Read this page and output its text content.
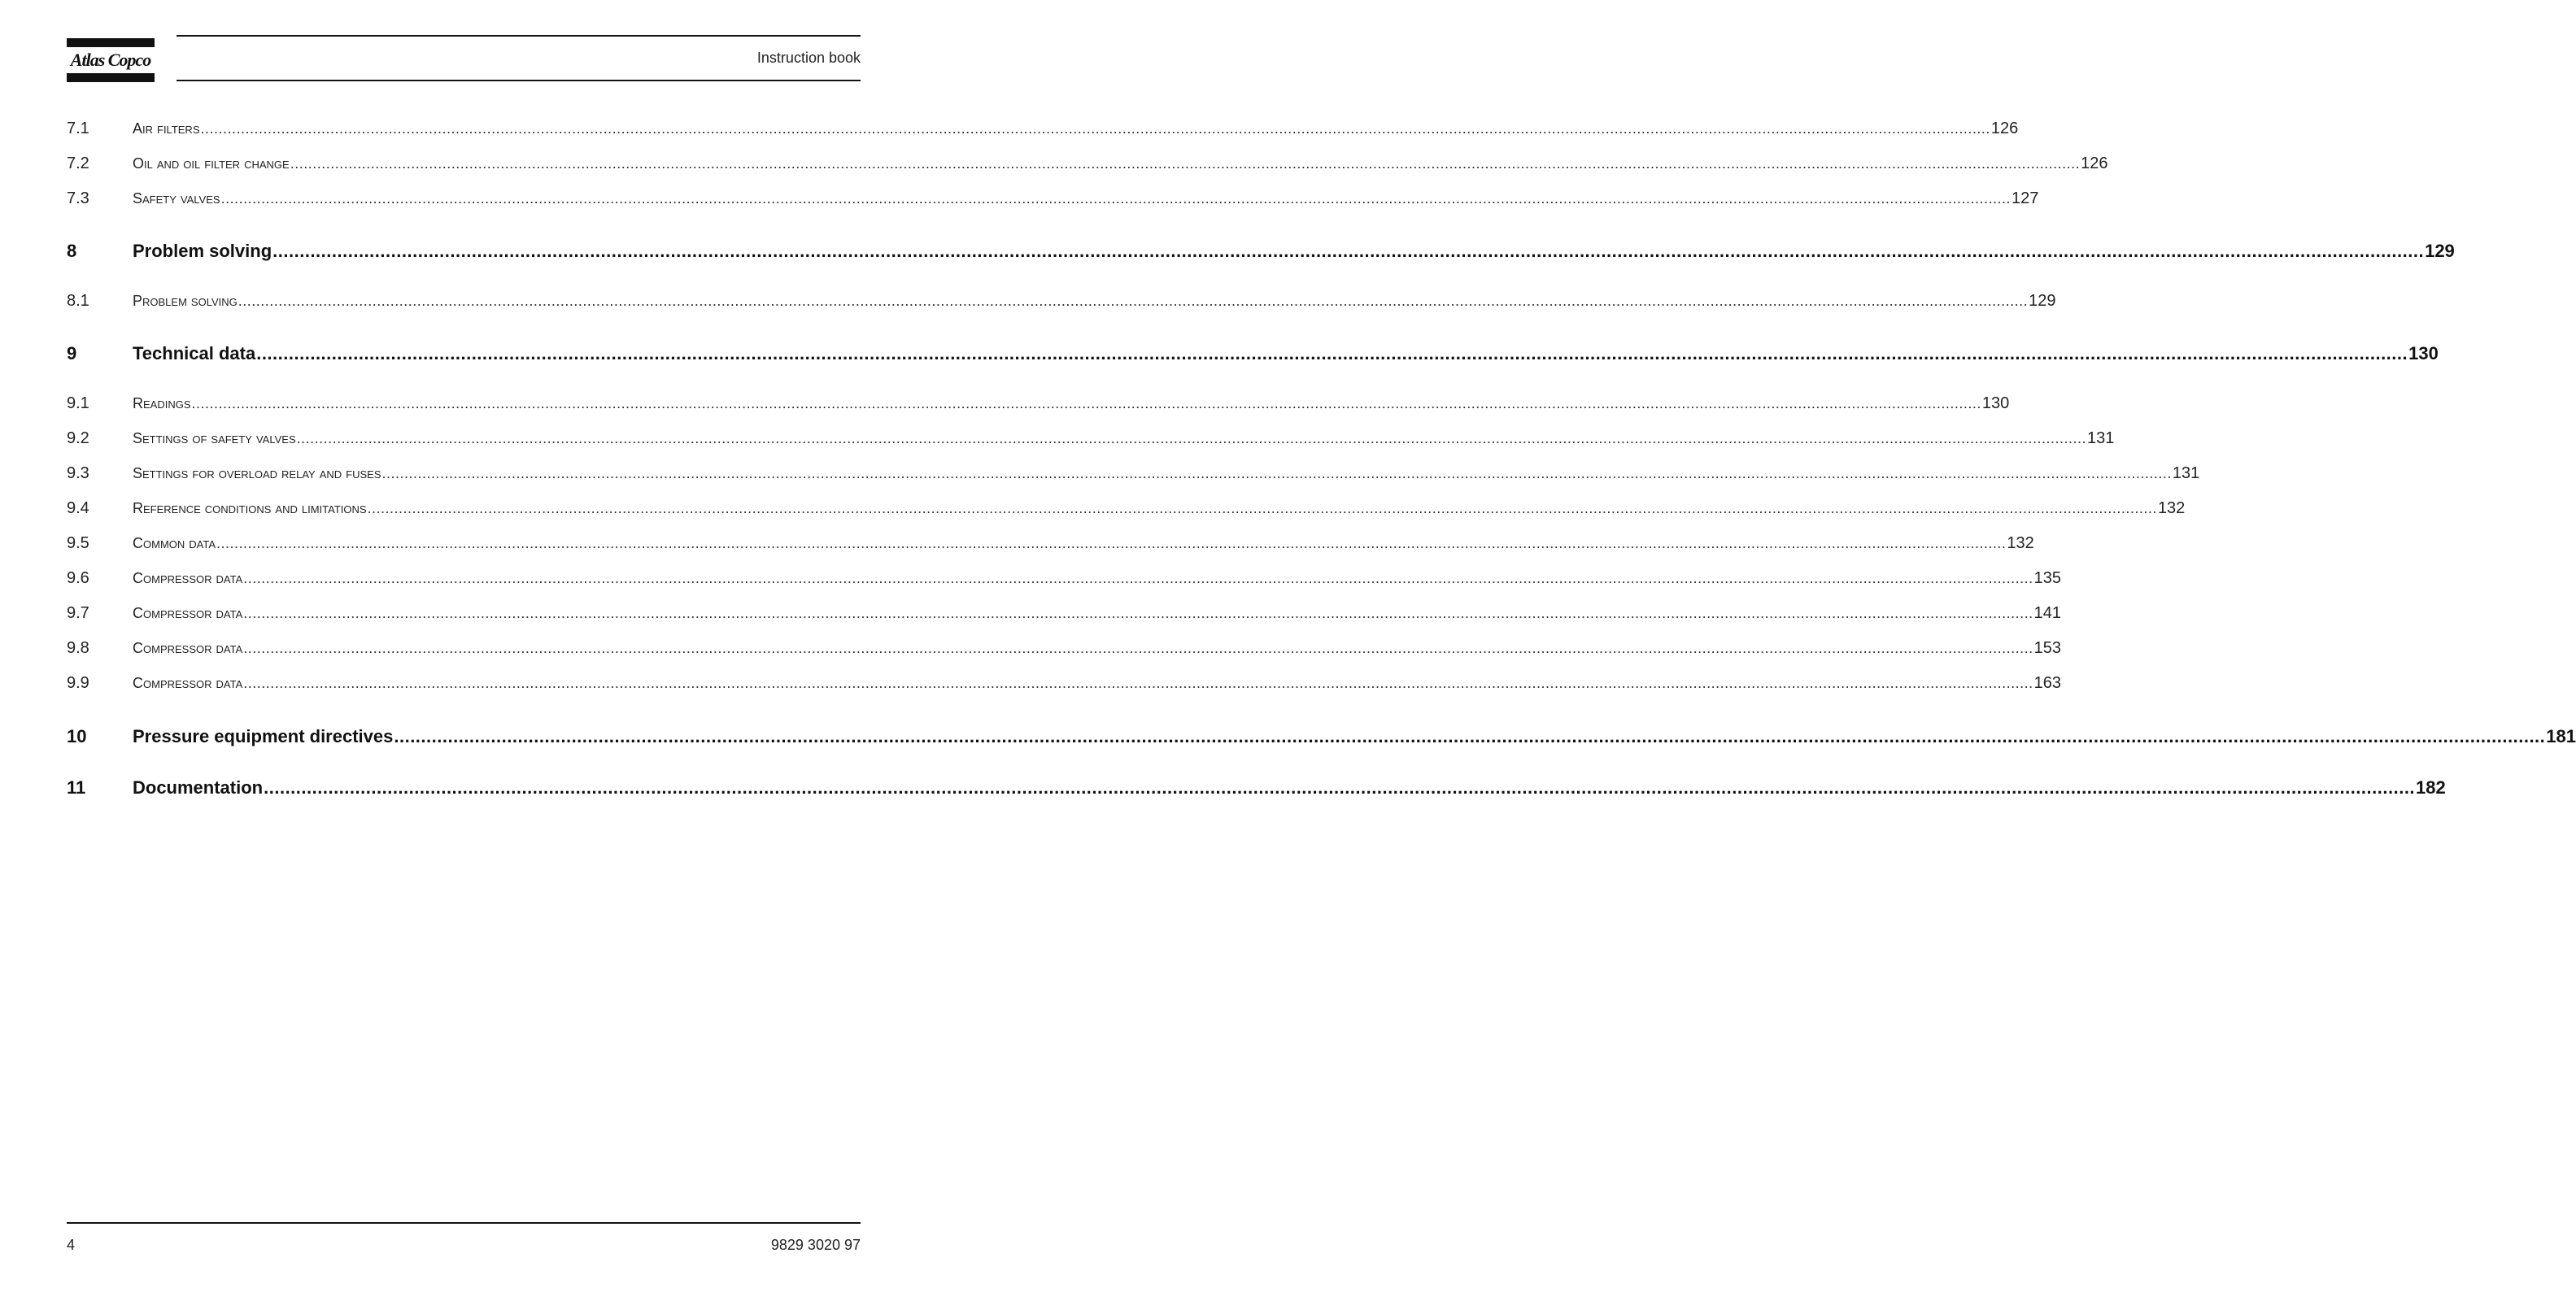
Atlas Copco	Instruction book
7.1	Air filters ................................................................................................................................................................................................................................................................................................................................................................................................................ 126
7.2	Oil and oil filter change ................................................................................................................................................................................................................................................................................................................................................................................................................ 126
7.3	Safety valves ................................................................................................................................................................................................................................................................................................................................................................................................................ 127
8	Problem solving ................................................................................................................................................................................................................................................................................................................................................................................................................ 129
8.1	Problem solving ................................................................................................................................................................................................................................................................................................................................................................................................................ 129
9	Technical data ................................................................................................................................................................................................................................................................................................................................................................................................................ 130
9.1	Readings ................................................................................................................................................................................................................................................................................................................................................................................................................ 130
9.2	Settings of safety valves ................................................................................................................................................................................................................................................................................................................................................................................................................ 131
9.3	Settings for overload relay and fuses ................................................................................................................................................................................................................................................................................................................................................................................................................ 131
9.4	Reference conditions and limitations ................................................................................................................................................................................................................................................................................................................................................................................................................ 132
9.5	Common data ................................................................................................................................................................................................................................................................................................................................................................................................................ 132
9.6	Compressor data ................................................................................................................................................................................................................................................................................................................................................................................................................ 135
9.7	Compressor data ................................................................................................................................................................................................................................................................................................................................................................................................................ 141
9.8	Compressor data ................................................................................................................................................................................................................................................................................................................................................................................................................ 153
9.9	Compressor data ................................................................................................................................................................................................................................................................................................................................................................................................................ 163
10	Pressure equipment directives ................................................................................................................................................................................................................................................................................................................................................................................................................ 181
11	Documentation ................................................................................................................................................................................................................................................................................................................................................................................................................ 182
4	9829 3020 97
